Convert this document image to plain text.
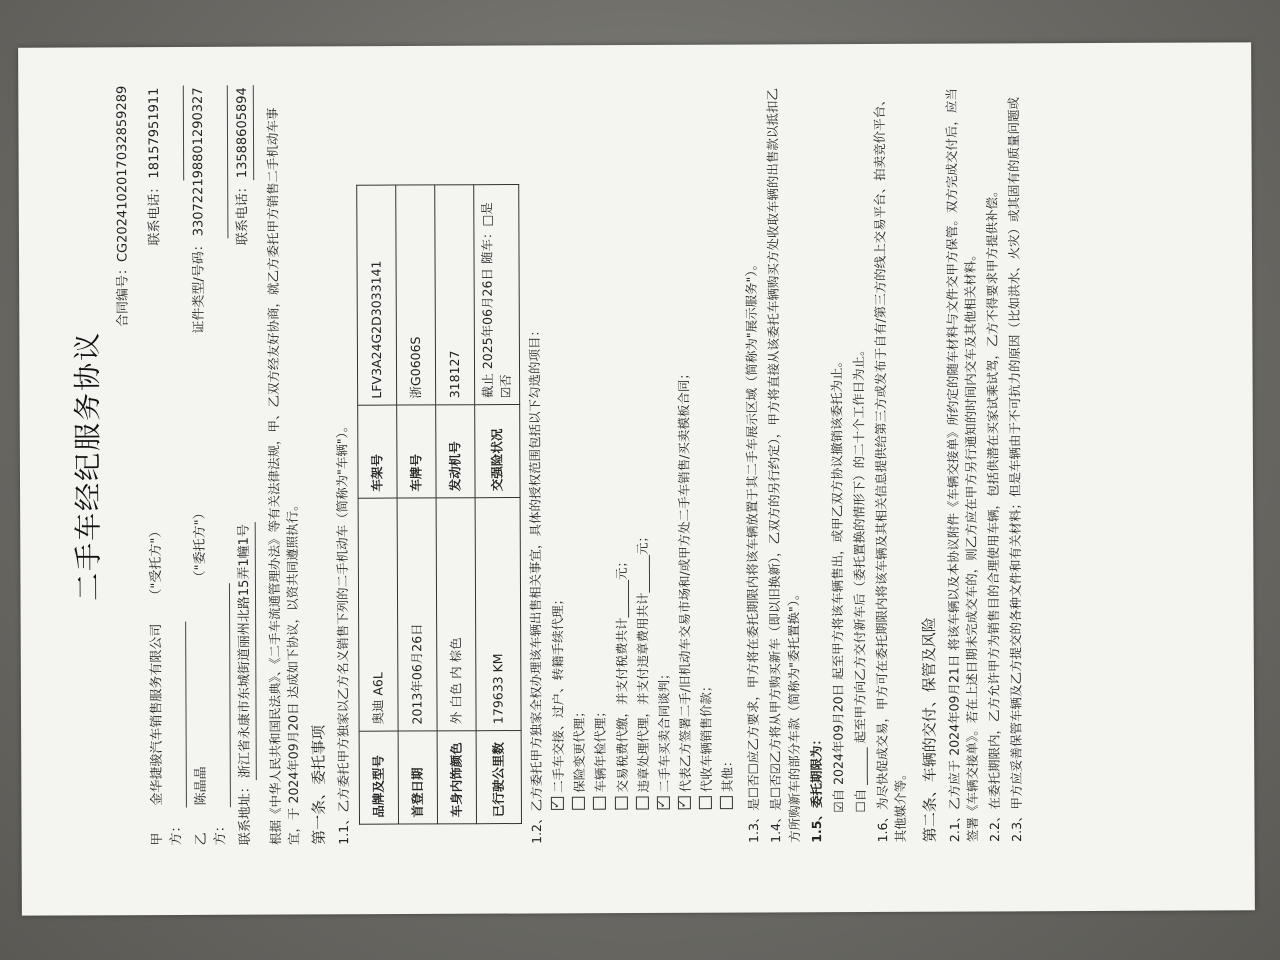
二手车经纪服务协议
合同编号：CG20241020170328592​89
甲方：
金华捷骏汽车销售服务有限公司
（"受托方"）
联系电话：
18157951911
乙方：
陈晶晶
（"委托方"）
证件类型/号码：
330722198801290327
联系地址：
浙江省永康市东城街道丽州北路15弄1幢1号
联系电话：
13588605894	根据《中华人民共和国民法典》、《二手车流通管理办法》等有关法律法规，甲、乙双方经友好协商，就乙方委托甲方销售二手机动车事宜，于 2024年09月20日 达成如下协议，以资共同遵照执行。 第一条、委托事项 1.1、乙方委托甲方独家以乙方名义销售下列的二手机动车（简称为"车辆"）。 品牌及型号	奥迪 A6L	车架号	LFV3A24G2D3033141
首登日期	2013年06月26日	车牌号	浙G0606S
车身内饰颜色	外 白色 内 棕色	发动机号	318127
已行驶公里数	179633 KM	交强险状况	截止 2025年06月26日 随车：□是 ☑否 1.2、乙方委托甲方独家全权办理该车辆出售相关事宜，具体的授权范围包括以下勾选的项目：
✓ 二手车交接、过户、转籍手续代理； 保险变更代理； 车辆年检代理； 交易税费代缴，并支付税费共计______元； 违章处理代理，并支付违章费用共计______元；
✓ 二手车买卖合同谈判；
✓ 代表乙方签署二手/旧机动车交易市场和/或甲方处二手车销售/买卖模板合同； 代收车辆销售价款； 其他： 1.3、是☐否☐应乙方要求，甲方将在委托期限内将该车辆放置于其二手车展示区域（简称为"展示服务"）。 1.4、是☐否☑乙方将从甲方购买新车（即以旧换新），乙双方的另行约定），甲方将直接从该委托车辆购买方处收取车辆的出售款以抵扣乙方所购新车的部分车款（简称为"委托置换"）。 1.5、委托期限为： ☑自 2024年09月20日 起至甲方将该车辆售出，或甲乙双方协议撤销该委托为止。 ☐自 ______ 起至甲方向乙方交付新车后（委托置换的情形下）的二十个工作日为止。 1.6、为尽快促成交易，甲方可在委托期限内将该车辆及其相关信息提供给第三方或发布于自有/第三方的线上交易平台、拍卖竞价平台、其他媒介等。 第二条、车辆的交付、保管及风险 2.1、乙方应于 2024年09月21日 将该车辆以及本协议附件《车辆交接单》所约定的随车材料与文件交甲方保管。双方完成交付后，应当签署《车辆交接单》。若在上述日期未完成交车的，则乙方应在甲方另行通知的时间内交车及其他相关材料。 2.2、在委托期限内，乙方允许甲方为销售目的合理使用车辆，包括供潜在买家试乘试驾，乙方不得要求甲方提供补偿。 2.3、甲方应妥善保管车辆及乙方提交的各种文件和有关材料；但是车辆由于不可抗力的原因（比如洪水、火灾）或其固有的质量问题或
